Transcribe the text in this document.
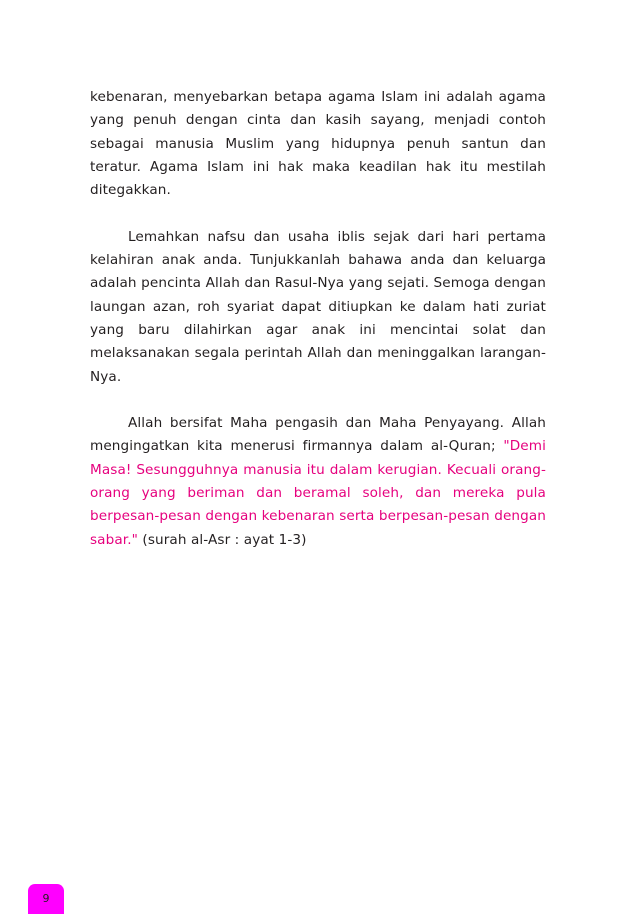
kebenaran, menyebarkan betapa agama Islam ini adalah agama yang penuh dengan cinta dan kasih sayang, menjadi contoh sebagai manusia Muslim yang hidupnya penuh santun dan teratur. Agama Islam ini hak maka keadilan hak itu mestilah ditegakkan.

Lemahkan nafsu dan usaha iblis sejak dari hari pertama kelahiran anak anda. Tunjukkanlah bahawa anda dan keluarga adalah pencinta Allah dan Rasul-Nya yang sejati. Semoga dengan laungan azan, roh syariat dapat ditiupkan ke dalam hati zuriat yang baru dilahirkan agar anak ini mencintai solat dan melaksanakan segala perintah Allah dan meninggalkan larangan-Nya.

Allah bersifat Maha pengasih dan Maha Penyayang. Allah mengingatkan kita menerusi firmannya dalam al-Quran; "Demi Masa! Sesungguhnya manusia itu dalam kerugian. Kecuali orang-orang yang beriman dan beramal soleh, dan mereka pula berpesan-pesan dengan kebenaran serta berpesan-pesan dengan sabar." (surah al-Asr : ayat 1-3)

9
